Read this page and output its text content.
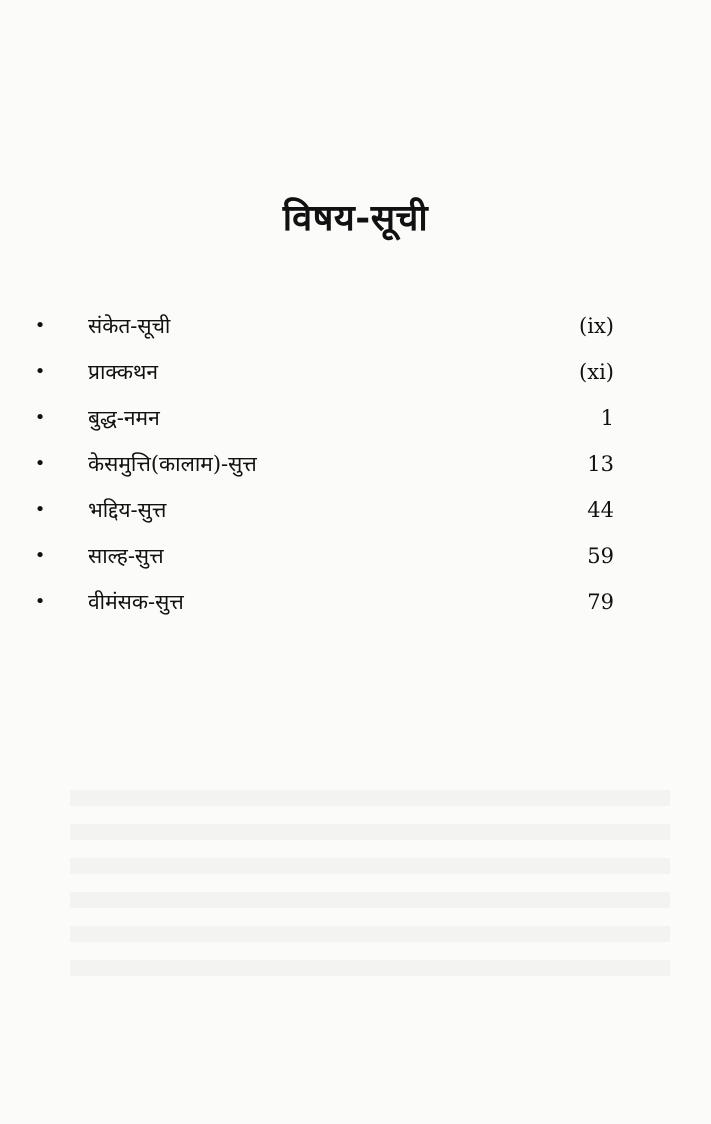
विषय-सूची
• संकेत-सूची	(ix)
• प्राक्कथन	(xi)
• बुद्ध-नमन	1
• केसमुत्ति(कालाम)-सुत्त	13
• भद्दिय-सुत्त	44
• साल्ह-सुत्त	59
• वीमंसक-सुत्त	79
